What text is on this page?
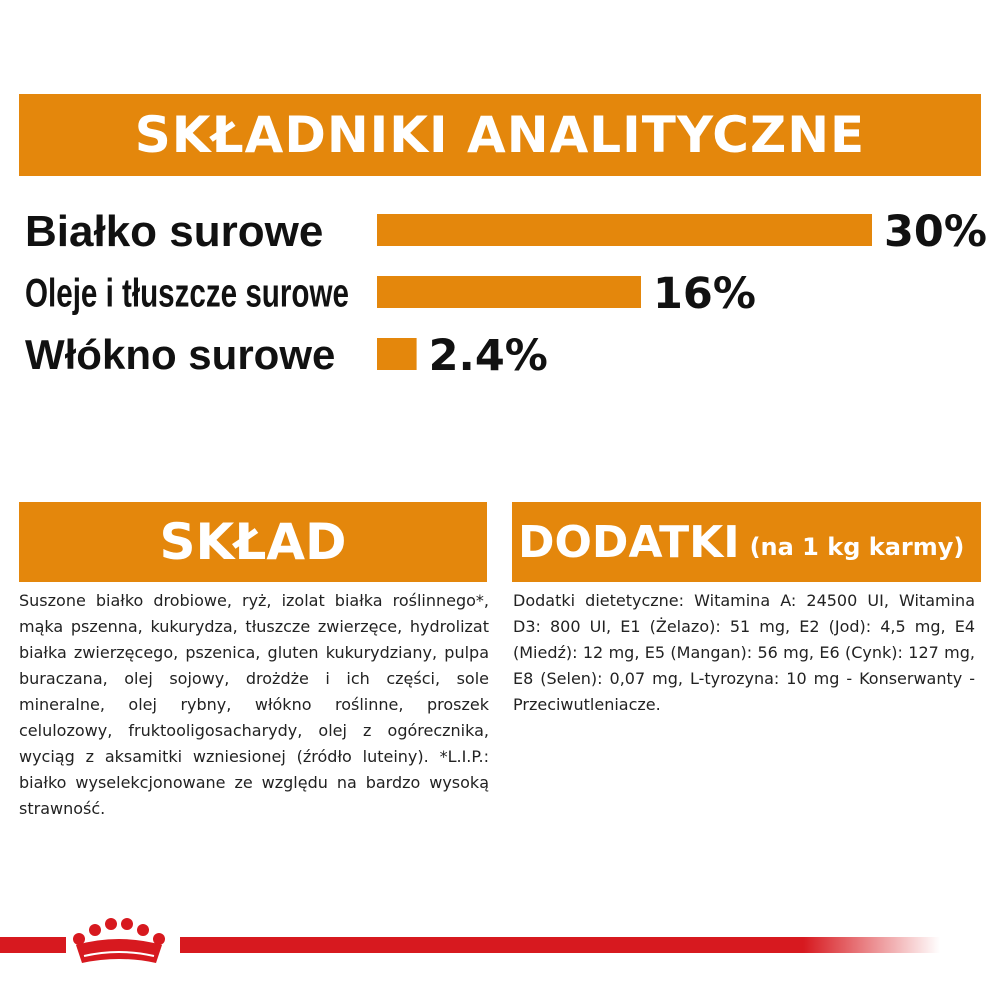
SKŁADNIKI ANALITYCZNE
Białko surowe	30%
Oleje i tłuszcze surowe	16%
Włókno surowe 2.4%
SKŁAD

Suszone białko drobiowe, ryż, izolat białka roślinnego*, mąka pszenna, kukurydza, tłuszcze zwierzęce, hydrolizat białka zwierzęcego, pszenica, gluten kukurydziany, pulpa buraczana, olej sojowy, drożdże i ich części, sole mineralne, olej rybny, włókno roślinne, proszek celulozowy, fruktooligosacharydy, olej z ogórecznika, wyciąg z aksamitki wzniesionej (źródło luteiny). *L.I.P.: białko wyselekcjonowane ze względu na bardzo wysoką strawność.

DODATKI (na 1 kg karmy)

Dodatki dietetyczne: Witamina A: 24500 UI, Witamina D3: 800 UI, E1 (Żelazo): 51 mg, E2 (Jod): 4,5 mg, E4 (Miedź): 12 mg, E5 (Mangan): 56 mg, E6 (Cynk): 127 mg, E8 (Selen): 0,07 mg, L-tyrozyna: 10 mg - Konserwanty - Przeciwutleniacze.
